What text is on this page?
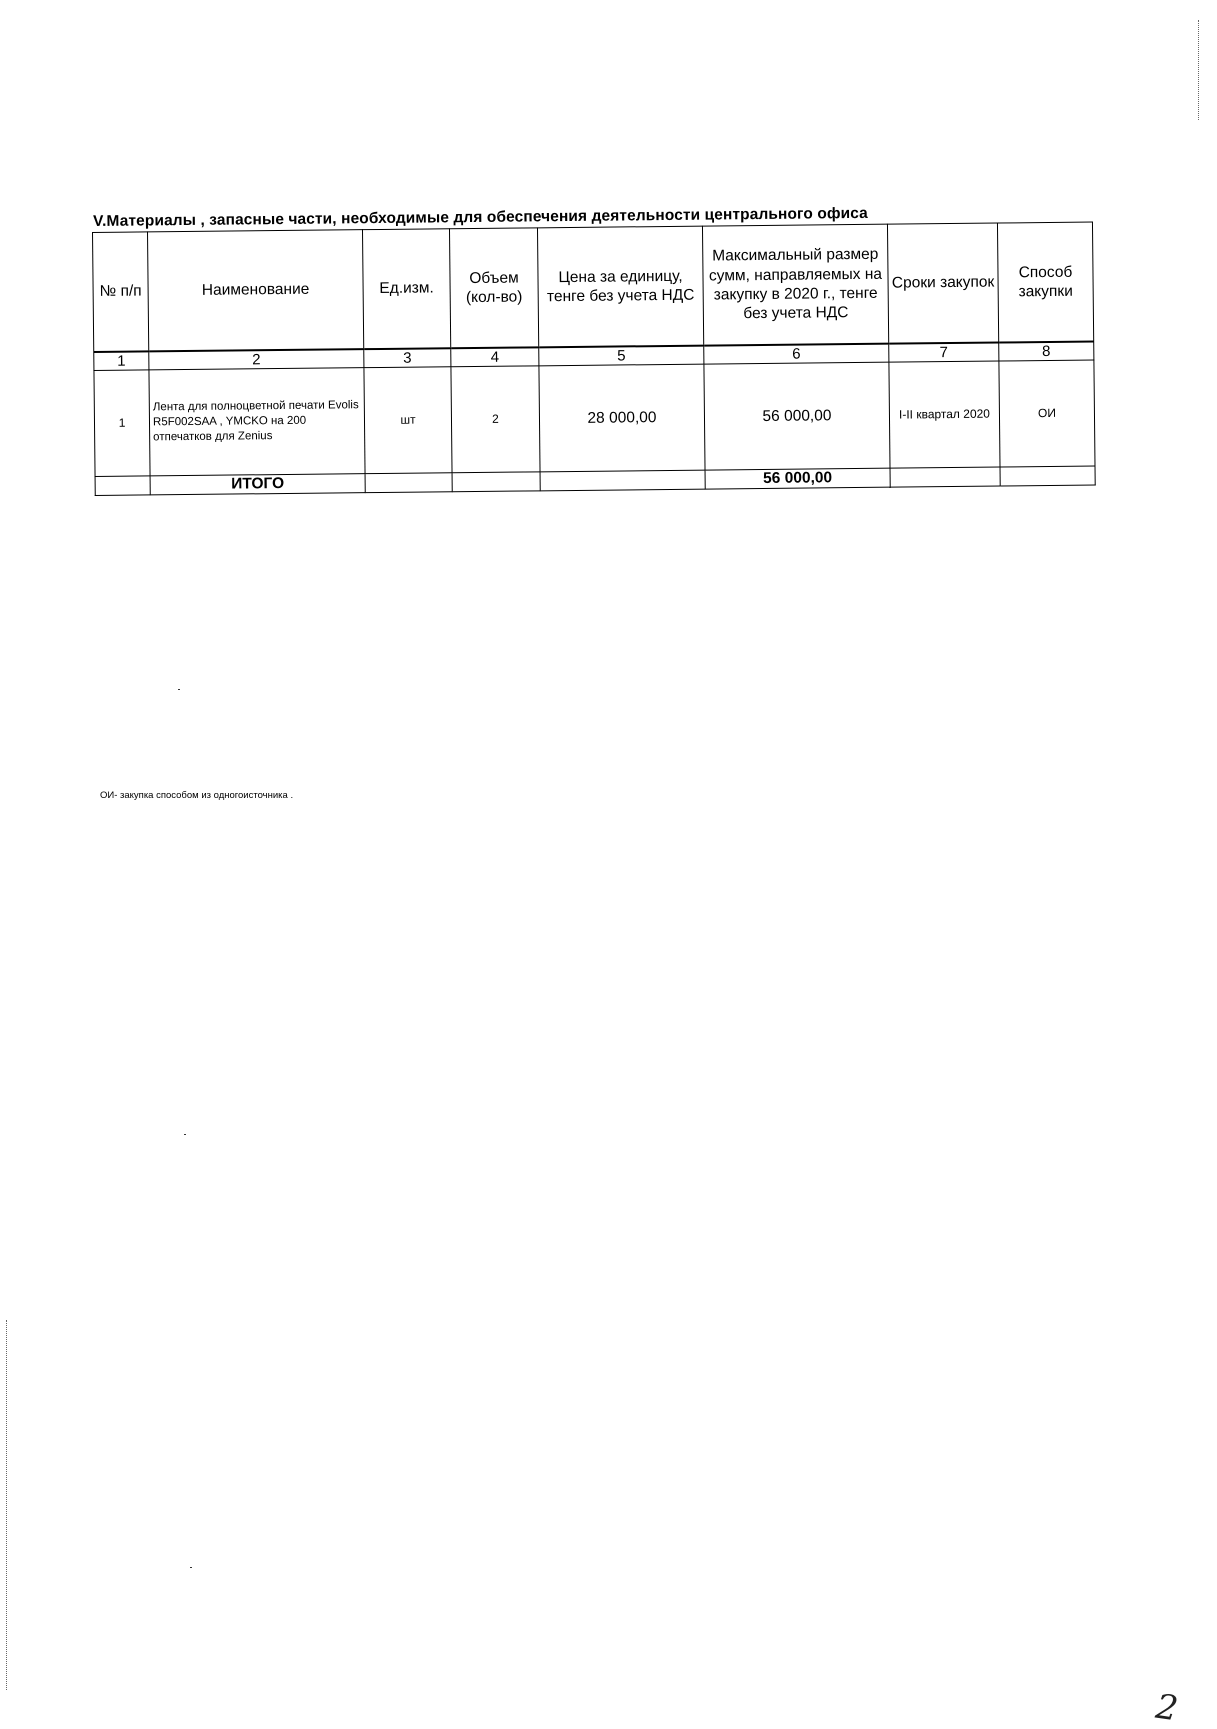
V.Материалы , запасные части, необходимые для обеспечения деятельности центрального офиса
№ п/п	Наименование	Ед.изм.	Объем (кол-во)	Цена за единицу, тенге без учета НДС	Максимальный размер сумм, направляемых на закупку в 2020 г., тенге без учета НДС	Сроки закупок	Способ закупки
1	2	3	4	5	6	7	8
1	Лента для полноцветной печати Evolis R5F002SAA , YMCKO на 200 отпечатков для Zenius	шт	2	28 000,00	56 000,00	I-II квартал 2020	ОИ
	ИТОГО				56 000,00		
ОИ- закупка способом из одногоисточника .
2
